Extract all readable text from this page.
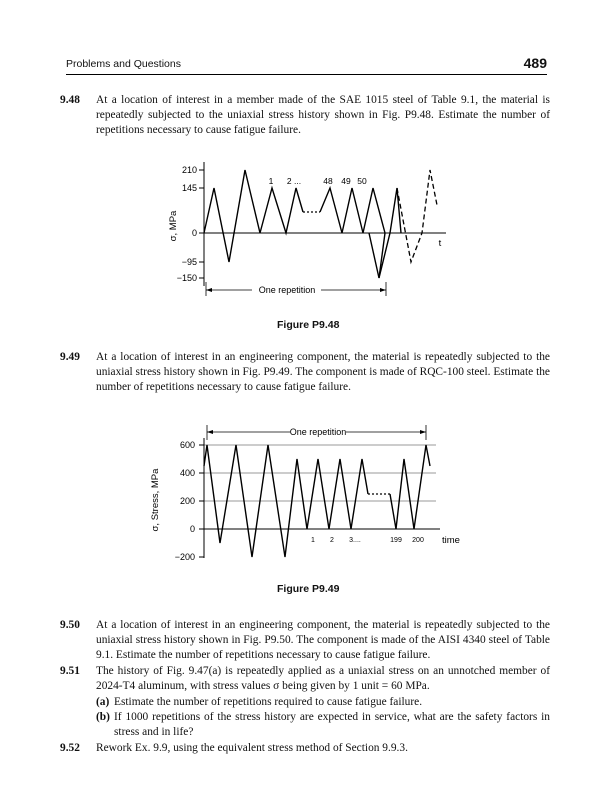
Problems and Questions	489
9.48 At a location of interest in a member made of the SAE 1015 steel of Table 9.1, the material is repeatedly subjected to the uniaxial stress history shown in Fig. P9.48. Estimate the number of repetitions necessary to cause fatigue failure.
210
145
0
−95
−150
σ, MPa
t
1 2 ...	48 49 50
One repetition
Figure P9.48
9.49 At a location of interest in an engineering component, the material is repeatedly subjected to the uniaxial stress history shown in Fig. P9.49. The component is made of RQC-100 steel. Estimate the number of repetitions necessary to cause fatigue failure.
600
400
200
0
−200
σ, Stress, MPa
time
1 2 3....	199 200
One repetition
Figure P9.49
9.50 At a location of interest in an engineering component, the material is repeatedly subjected to the uniaxial stress history shown in Fig. P9.50. The component is made of the AISI 4340 steel of Table 9.1. Estimate the number of repetitions necessary to cause fatigue failure.
9.51 The history of Fig. 9.47(a) is repeatedly applied as a uniaxial stress on an unnotched member of 2024-T4 aluminum, with stress values σ being given by 1 unit = 60 MPa.
(a) Estimate the number of repetitions required to cause fatigue failure.
(b) If 1000 repetitions of the stress history are expected in service, what are the safety factors in stress and in life?
9.52 Rework Ex. 9.9, using the equivalent stress method of Section 9.9.3.
